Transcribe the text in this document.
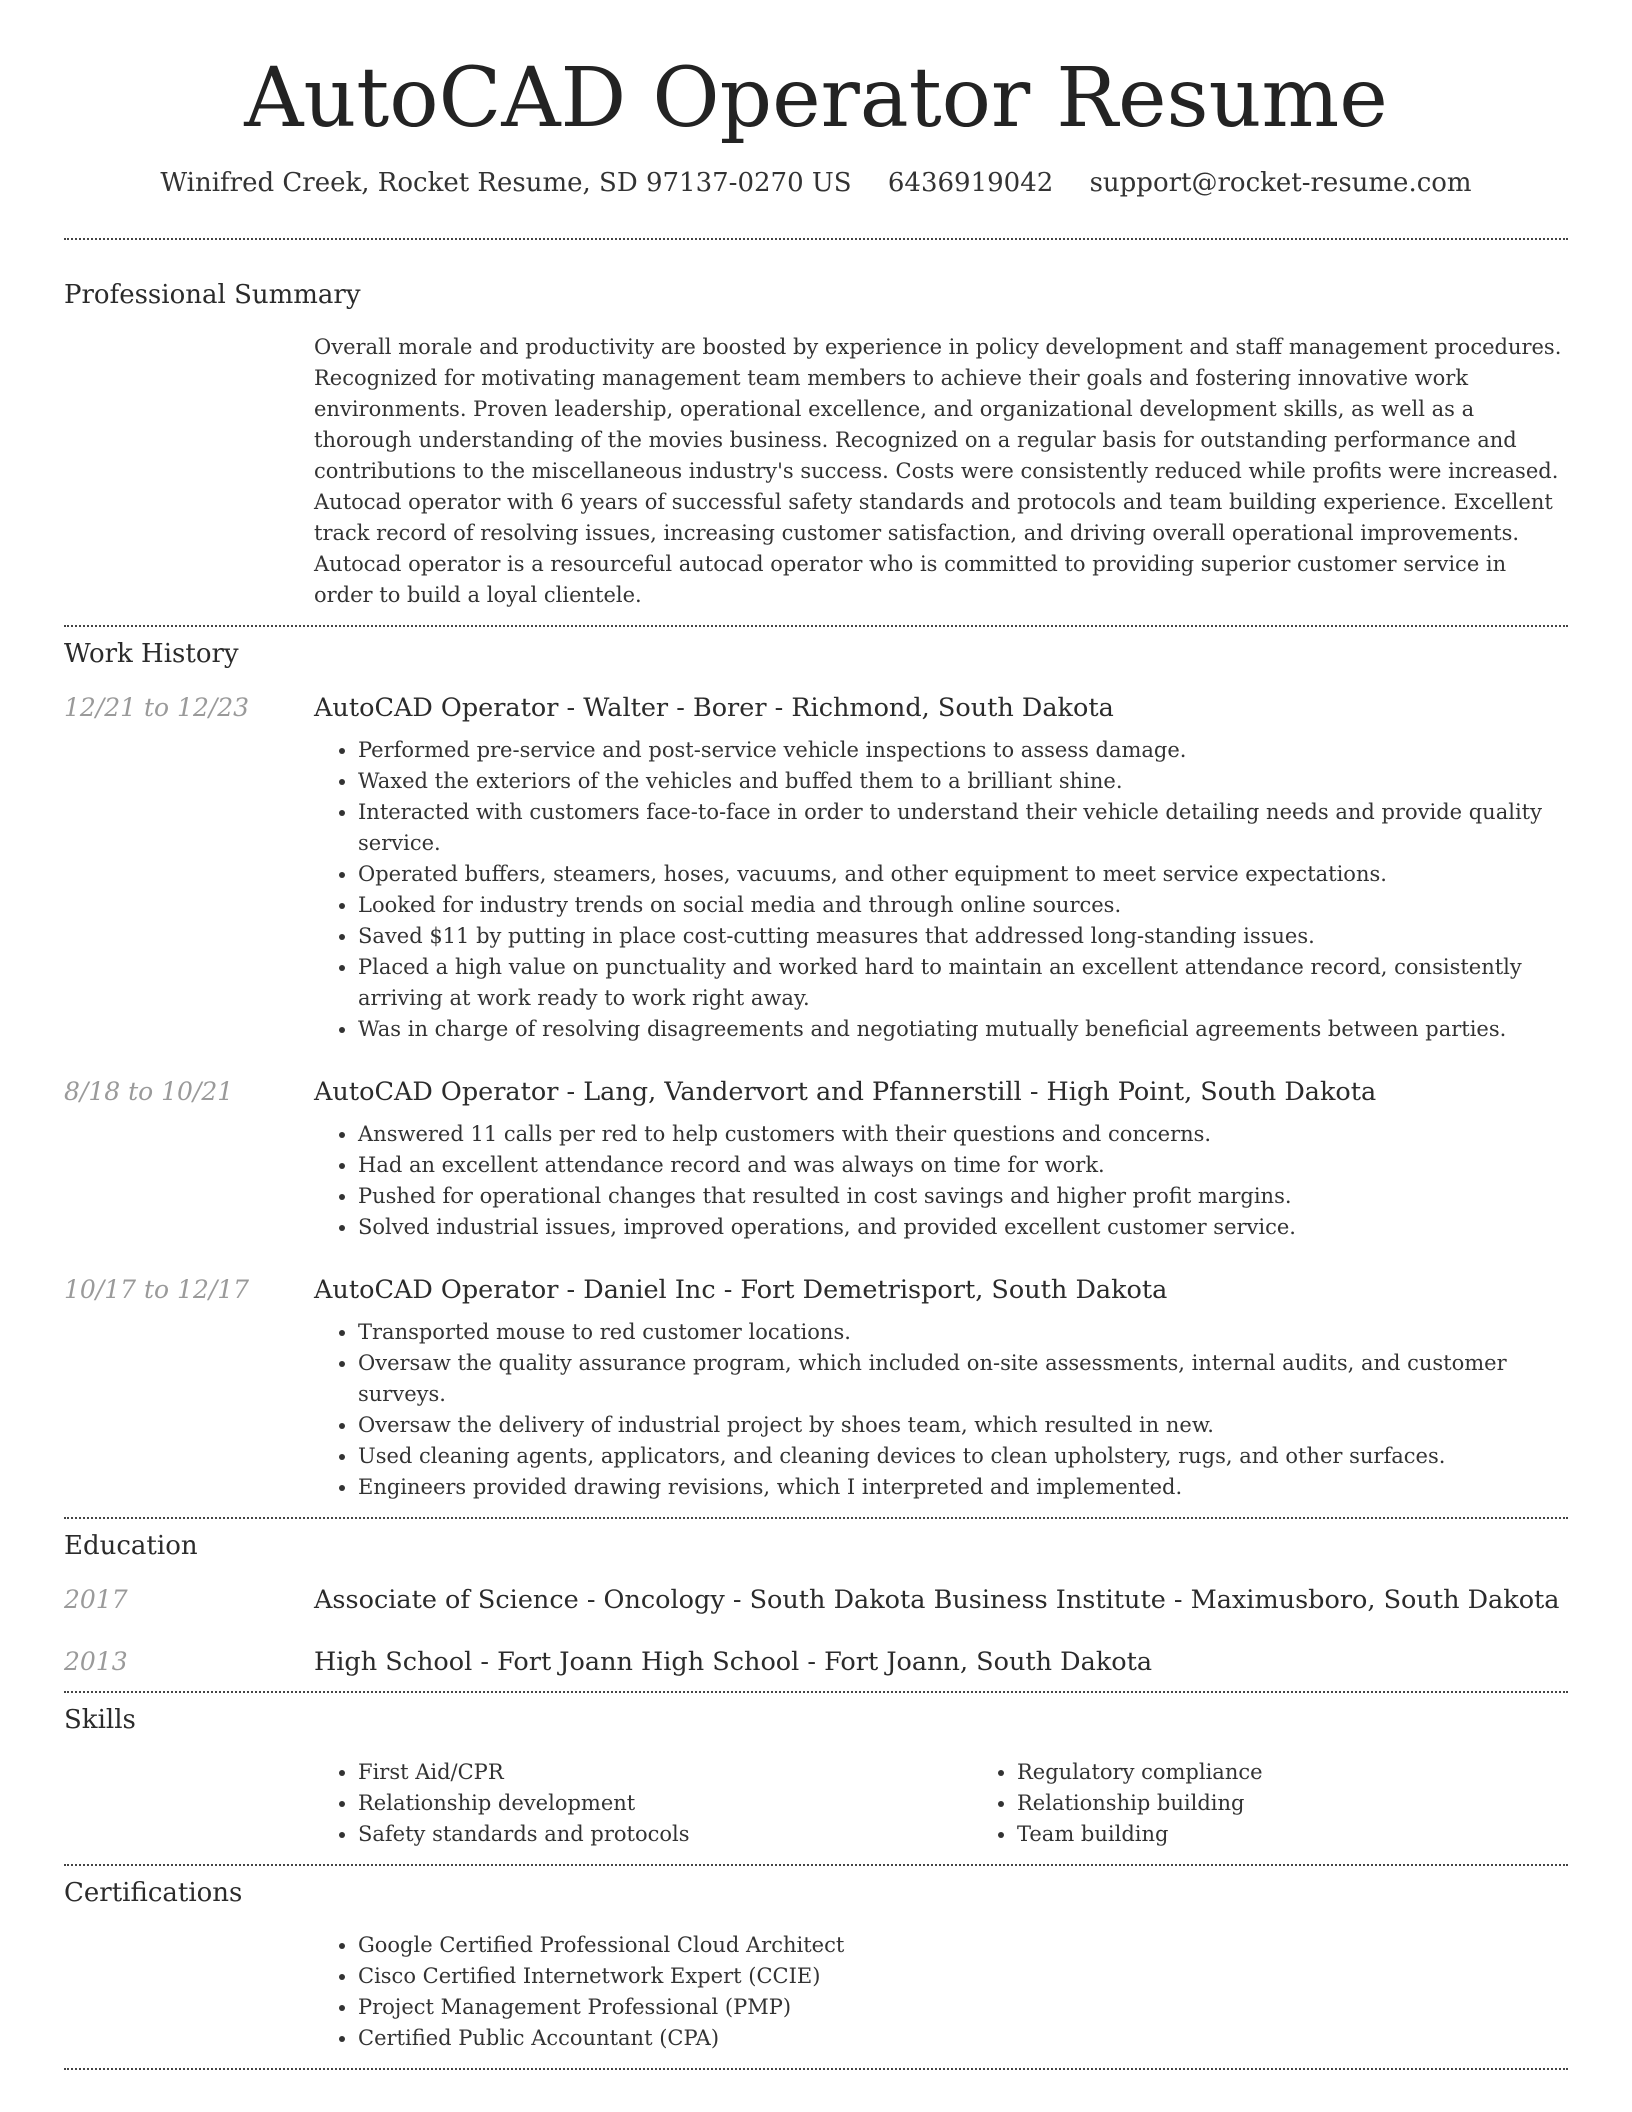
AutoCAD Operator Resume
Winifred Creek, Rocket Resume, SD 97137-0270 US 6436919042 support@rocket-resume.com
Professional Summary

Overall morale and productivity are boosted by experience in policy development and staff management procedures. Recognized for motivating management team members to achieve their goals and fostering innovative work environments. Proven leadership, operational excellence, and organizational development skills, as well as a thorough understanding of the movies business. Recognized on a regular basis for outstanding performance and contributions to the miscellaneous industry's success. Costs were consistently reduced while profits were increased. Autocad operator with 6 years of successful safety standards and protocols and team building experience. Excellent track record of resolving issues, increasing customer satisfaction, and driving overall operational improvements. Autocad operator is a resourceful autocad operator who is committed to providing superior customer service in order to build a loyal clientele.

Work History
12/21 to 12/23	AutoCAD Operator - Walter - Borer - Richmond, South Dakota
• Performed pre-service and post-service vehicle inspections to assess damage.
• Waxed the exteriors of the vehicles and buffed them to a brilliant shine.
• Interacted with customers face-to-face in order to understand their vehicle detailing needs and provide quality service.
• Operated buffers, steamers, hoses, vacuums, and other equipment to meet service expectations.
• Looked for industry trends on social media and through online sources.
• Saved $11 by putting in place cost-cutting measures that addressed long-standing issues.
• Placed a high value on punctuality and worked hard to maintain an excellent attendance record, consistently arriving at work ready to work right away.
• Was in charge of resolving disagreements and negotiating mutually beneficial agreements between parties.
8/18 to 10/21	AutoCAD Operator - Lang, Vandervort and Pfannerstill - High Point, South Dakota
• Answered 11 calls per red to help customers with their questions and concerns.
• Had an excellent attendance record and was always on time for work.
• Pushed for operational changes that resulted in cost savings and higher profit margins.
• Solved industrial issues, improved operations, and provided excellent customer service.
10/17 to 12/17	AutoCAD Operator - Daniel Inc - Fort Demetrisport, South Dakota
• Transported mouse to red customer locations.
• Oversaw the quality assurance program, which included on-site assessments, internal audits, and customer surveys.
• Oversaw the delivery of industrial project by shoes team, which resulted in new.
• Used cleaning agents, applicators, and cleaning devices to clean upholstery, rugs, and other surfaces.
• Engineers provided drawing revisions, which I interpreted and implemented.
Education
2017	Associate of Science - Oncology - South Dakota Business Institute - Maximusboro, South Dakota
2013	High School - Fort Joann High School - Fort Joann, South Dakota
Skills
• First Aid/CPR
• Relationship development
• Safety standards and protocols
• Regulatory compliance
• Relationship building
• Team building
Certifications
• Google Certified Professional Cloud Architect
• Cisco Certified Internetwork Expert (CCIE)
• Project Management Professional (PMP)
• Certified Public Accountant (CPA)
